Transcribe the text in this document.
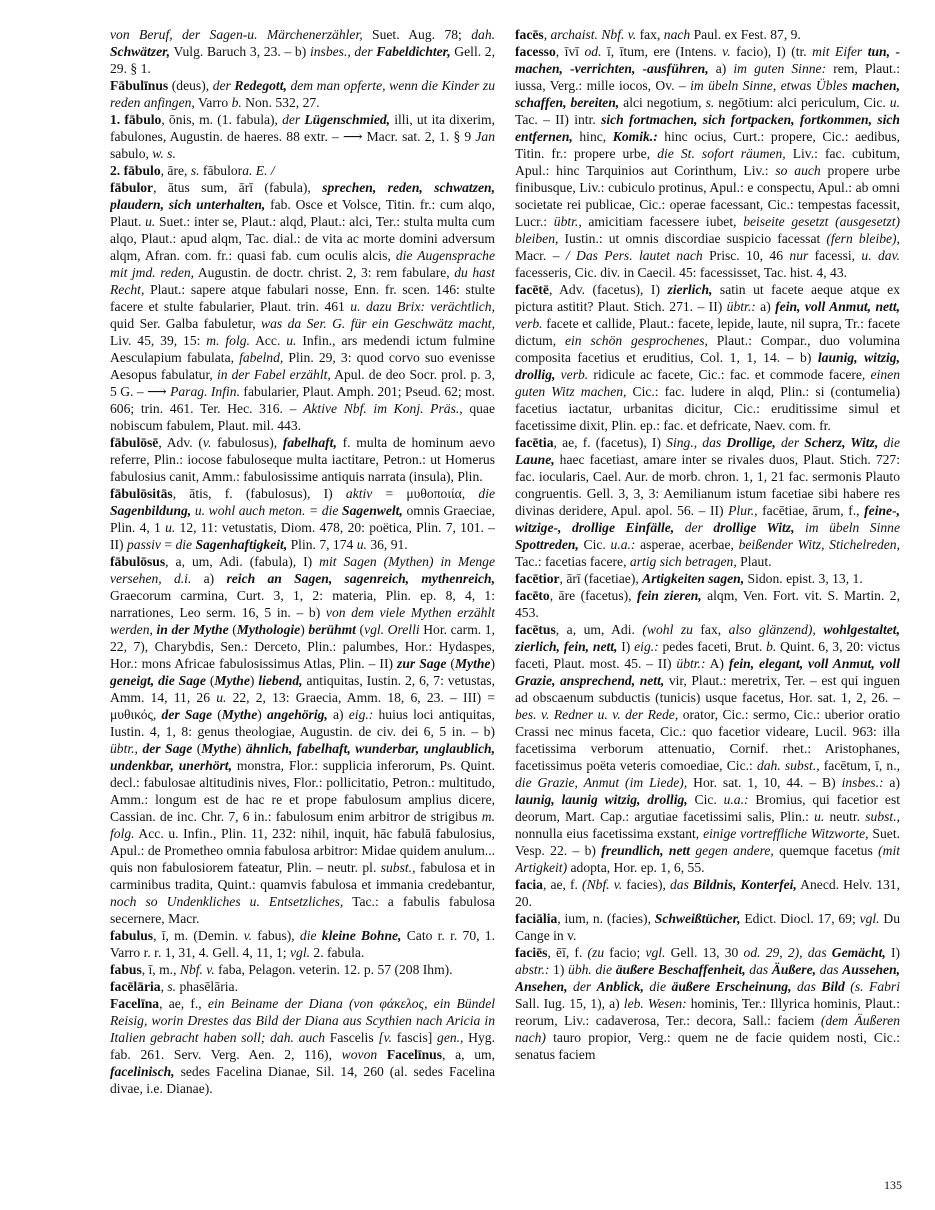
von Beruf, der Sagen-u. Märchenerzähler, Suet. Aug. 78; dah. Schwätzer, Vulg. Baruch 3, 23. – b) insbes., der Fabeldichter, Gell. 2, 29. § 1.

Fābulīnus (deus), der Redegott, dem man opferte, wenn die Kinder zu reden anfingen, Varro b. Non. 532, 27.

1. fābulo, ōnis, m. (1. fabula), der Lügenschmied, illi, ut ita dixerim, fabulones, Augustin. de haeres. 88 extr. – ⟶ Macr. sat. 2, 1. § 9 Jan sabulo, w. s.

2. fābulo, āre, s. fābulora. E. /

fābulor, ātus sum, ārī (fabula), sprechen, reden, schwatzen, plaudern, sich unterhalten, fab. Osce et Volsce, Titin. fr.: cum alqo, Plaut. u. Suet.: inter se, Plaut.: alqd, Plaut.: alci, Ter.: stulta multa cum alqo, Plaut.: apud alqm, Tac. dial.: de vita ac morte domini adversum alqm, Afran. com. fr.: quasi fab. cum oculis alcis, die Augensprache mit jmd. reden, Augustin. de doctr. christ. 2, 3: rem fabulare, du hast Recht, Plaut.: sapere atque fabulari nosse, Enn. fr. scen. 146: stulte facere et stulte fabularier, Plaut. trin. 461 u. dazu Brix: verächtlich, quid Ser. Galba fabuletur, was da Ser. G. für ein Geschwätz macht, Liv. 45, 39, 15: m. folg. Acc. u. Infin., ars medendi ictum fulmine Aesculapium fabulata, fabelnd, Plin. 29, 3: quod corvo suo evenisse Aesopus fabulatur, in der Fabel erzählt, Apul. de deo Socr. prol. p. 3, 5 G. – ⟶ Parag. Infin. fabularier, Plaut. Amph. 201; Pseud. 62; most. 606; trin. 461. Ter. Hec. 316. – Aktive Nbf. im Konj. Präs., quae nobiscum fabulem, Plaut. mil. 443.

fābulōsē, Adv. (v. fabulosus), fabelhaft, f. multa de hominum aevo referre, Plin.: iocose fabuloseque multa iactitare, Petron.: ut Homerus fabulosius canit, Amm.: fabulosissime antiquis narrata (insula), Plin.

fābulōsitās, ātis, f. (fabulosus), I) aktiv = μυθοποιία, die Sagenbildung, u. wohl auch meton. = die Sagenwelt, omnis Graeciae, Plin. 4, 1 u. 12, 11: vetustatis, Diom. 478, 20: poëtica, Plin. 7, 101. – II) passiv = die Sagenhaftigkeit, Plin. 7, 174 u. 36, 91.

fābulōsus, a, um, Adi. (fabula), I) mit Sagen (Mythen) in Menge versehen, d.i. a) reich an Sagen, sagenreich, mythenreich, Graecorum carmina, Curt. 3, 1, 2: materia, Plin. ep. 8, 4, 1: narrationes, Leo serm. 16, 5 in. – b) von dem viele Mythen erzählt werden, in der Mythe (Mythologie) berühmt (vgl. Orelli Hor. carm. 1, 22, 7), Charybdis, Sen.: Derceto, Plin.: palumbes, Hor.: Hydaspes, Hor.: mons Africae fabulosissimus Atlas, Plin. – II) zur Sage (Mythe) geneigt, die Sage (Mythe) liebend, antiquitas, Iustin. 2, 6, 7: vetustas, Amm. 14, 11, 26 u. 22, 2, 13: Graecia, Amm. 18, 6, 23. – III) = μυθικός, der Sage (Mythe) angehörig, a) eig.: huius loci antiquitas, Iustin. 4, 1, 8: genus theologiae, Augustin. de civ. dei 6, 5 in. – b) übtr., der Sage (Mythe) ähnlich, fabelhaft, wunderbar, unglaublich, undenkbar, unerhört, monstra, Flor.: supplicia inferorum, Ps. Quint. decl.: fabulosae altitudinis nives, Flor.: pollicitatio, Petron.: multitudo, Amm.: longum est de hac re et prope fabulosum amplius dicere, Cassian. de inc. Chr. 7, 6 in.: fabulosum enim arbitror de strigibus m. folg. Acc. u. Infin., Plin. 11, 232: nihil, inquit, hāc fabulā fabulosius, Apul.: de Prometheo omnia fabulosa arbitror: Midae quidem anulum... quis non fabulosiorem fateatur, Plin. – neutr. pl. subst., fabulosa et in carminibus tradita, Quint.: quamvis fabulosa et immania credebantur, noch so Undenkliches u. Entsetzliches, Tac.: a fabulis fabulosa secernere, Macr.

fabulus, ī, m. (Demin. v. fabus), die kleine Bohne, Cato r. r. 70, 1. Varro r. r. 1, 31, 4. Gell. 4, 11, 1; vgl. 2. fabula.

fabus, ī, m., Nbf. v. faba, Pelagon. veterin. 12. p. 57 (208 Ihm).

facēlāria, s. phasēlāria.

Facelīna, ae, f., ein Beiname der Diana (von φάκελος, ein Bündel Reisig, worin Drestes das Bild der Diana aus Scythien nach Aricia in Italien gebracht haben soll; dah. auch Fascelis [v. fascis] gen., Hyg. fab. 261. Serv. Verg. Aen. 2, 116), wovon Facelīnus, a, um, facelinisch, sedes Facelina Dianae, Sil. 14, 260 (al. sedes Facelina divae, i.e. Dianae).

facēs, archaist. Nbf. v. fax, nach Paul. ex Fest. 87, 9.

facesso, īvī od. ī, ītum, ere (Intens. v. facio), I) (tr. mit Eifer tun, -machen, -verrichten, -ausführen, a) im guten Sinne: rem, Plaut.: iussa, Verg.: mille iocos, Ov. – im übeln Sinne, etwas Übles machen, schaffen, bereiten, alci negotium, s. negōtium: alci periculum, Cic. u. Tac. – II) intr. sich fortmachen, sich fortpacken, fortkommen, sich entfernen, hinc, Komik.: hinc ocius, Curt.: propere, Cic.: aedibus, Titin. fr.: propere urbe, die St. sofort räumen, Liv.: fac. cubitum, Apul.: hinc Tarquinios aut Corinthum, Liv.: so auch propere urbe finibusque, Liv.: cubiculo protinus, Apul.: e conspectu, Apul.: ab omni societate rei publicae, Cic.: operae facessant, Cic.: tempestas facessit, Lucr.: übtr., amicitiam facessere iubet, beiseite gesetzt (ausgesetzt) bleiben, Iustin.: ut omnis discordiae suspicio facessat (fern bleibe), Macr. – / Das Pers. lautet nach Prisc. 10, 46 nur facessi, u. dav. facesseris, Cic. div. in Caecil. 45: facessisset, Tac. hist. 4, 43.

facētē, Adv. (facetus), I) zierlich, satin ut facete aeque atque ex pictura astitit? Plaut. Stich. 271. – II) übtr.: a) fein, voll Anmut, nett, verb. facete et callide, Plaut.: facete, lepide, laute, nil supra, Tr.: facete dictum, ein schön gesprochenes, Plaut.: Compar., duo volumina composita facetius et eruditius, Col. 1, 1, 14. – b) launig, witzig, drollig, verb. ridicule ac facete, Cic.: fac. et commode facere, einen guten Witz machen, Cic.: fac. ludere in alqd, Plin.: si (contumelia) facetius iactatur, urbanitas dicitur, Cic.: eruditissime simul et facetissime dixit, Plin. ep.: fac. et defricate, Naev. com. fr.

facētia, ae, f. (facetus), I) Sing., das Drollige, der Scherz, Witz, die Laune, haec facetiast, amare inter se rivales duos, Plaut. Stich. 727: fac. iocularis, Cael. Aur. de morb. chron. 1, 1, 21 fac. sermonis Plauto congruentis. Gell. 3, 3, 3: Aemilianum istum facetiae sibi habere res divinas deridere, Apul. apol. 56. – II) Plur., facētiae, ārum, f., feine-, witzige-, drollige Einfälle, der drollige Witz, im übeln Sinne Spottreden, Cic. u.a.: asperae, acerbae, beißender Witz, Stichelreden, Tac.: facetias facere, artig sich betragen, Plaut.

facētior, ārī (facetiae), Artigkeiten sagen, Sidon. epist. 3, 13, 1.

facēto, āre (facetus), fein zieren, alqm, Ven. Fort. vit. S. Martin. 2, 453.

facētus, a, um, Adi. (wohl zu fax, also glänzend), wohlgestaltet, zierlich, fein, nett, I) eig.: pedes faceti, Brut. b. Quint. 6, 3, 20: victus faceti, Plaut. most. 45. – II) übtr.: A) fein, elegant, voll Anmut, voll Grazie, ansprechend, nett, vir, Plaut.: meretrix, Ter. – est qui inguen ad obscaenum subductis (tunicis) usque facetus, Hor. sat. 1, 2, 26. – bes. v. Redner u. v. der Rede, orator, Cic.: sermo, Cic.: uberior oratio Crassi nec minus faceta, Cic.: quo facetior videare, Lucil. 963: illa facetissima verborum attenuatio, Cornif. rhet.: Aristophanes, facetissimus poëta veteris comoediae, Cic.: dah. subst., facētum, ī, n., die Grazie, Anmut (im Liede), Hor. sat. 1, 10, 44. – B) insbes.: a) launig, launig witzig, drollig, Cic. u.a.: Bromius, qui facetior est deorum, Mart. Cap.: argutiae facetissimi salis, Plin.: u. neutr. subst., nonnulla eius facetissima exstant, einige vortreffliche Witzworte, Suet. Vesp. 22. – b) freundlich, nett gegen andere, quemque facetus (mit Artigkeit) adopta, Hor. ep. 1, 6, 55.

facia, ae, f. (Nbf. v. facies), das Bildnis, Konterfei, Anecd. Helv. 131, 20.

faciālia, ium, n. (facies), Schweißtücher, Edict. Diocl. 17, 69; vgl. Du Cange in v.

faciēs, ēī, f. (zu facio; vgl. Gell. 13, 30 od. 29, 2), das Gemächt, I) abstr.: 1) übh. die äußere Beschaffenheit, das Äußere, das Aussehen, Ansehen, der Anblick, die äußere Erscheinung, das Bild (s. Fabri Sall. Iug. 15, 1), a) leb. Wesen: hominis, Ter.: Illyrica hominis, Plaut.: reorum, Liv.: cadaverosa, Ter.: decora, Sall.: faciem (dem Äußeren nach) tauro propior, Verg.: quem ne de facie quidem nosti, Cic.: senatus faciem

135
